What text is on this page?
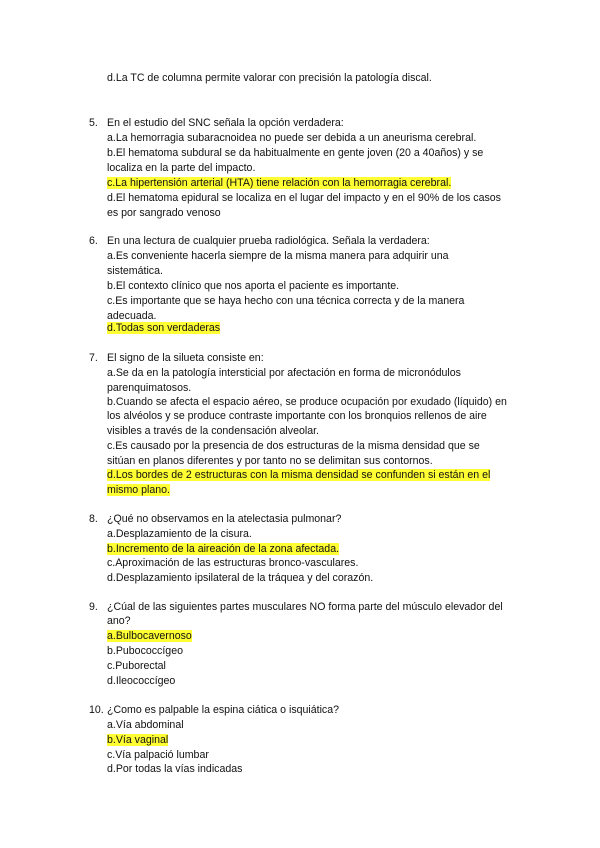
d.La TC de columna permite valorar con precisión la patología discal.
5. En el estudio del SNC señala la opción verdadera:
a.La hemorragia subaracnoidea no puede ser debida a un aneurisma cerebral.
b.El hematoma subdural se da habitualmente en gente joven (20 a 40años) y se
localiza en la parte del impacto.
c.La hipertensión arterial (HTA) tiene relación con la hemorragia cerebral.
d.El hematoma epidural se localiza en el lugar del impacto y en el 90% de los casos
es por sangrado venoso
6. En una lectura de cualquier prueba radiológica. Señala la verdadera:
a.Es conveniente hacerla siempre de la misma manera para adquirir una
sistemática.
b.El contexto clínico que nos aporta el paciente es importante.
c.Es importante que se haya hecho con una técnica correcta y de la manera
adecuada.
d.Todas son verdaderas
7. El signo de la silueta consiste en:
a.Se da en la patología intersticial por afectación en forma de micronódulos
parenquimatosos.
b.Cuando se afecta el espacio aéreo, se produce ocupación por exudado (líquido) en
los alvéolos y se produce contraste importante con los bronquios rellenos de aire
visibles a través de la condensación alveolar.
c.Es causado por la presencia de dos estructuras de la misma densidad que se
sitúan en planos diferentes y por tanto no se delimitan sus contornos.
d.Los bordes de 2 estructuras con la misma densidad se confunden si están en el
mismo plano.
8. ¿Qué no observamos en la atelectasia pulmonar?
a.Desplazamiento de la cisura.
b.Incremento de la aireación de la zona afectada.
c.Aproximación de las estructuras bronco-vasculares.
d.Desplazamiento ipsilateral de la tráquea y del corazón.
9. ¿Cúal de las siguientes partes musculares NO forma parte del músculo elevador del
ano?
a.Bulbocavernoso
b.Pubococcígeo
c.Puborectal
d.Ileococcígeo
10. ¿Como es palpable la espina ciática o isquiática?
a.Vía abdominal
b.Vía vaginal
c.Vía palpació lumbar
d.Por todas la vías indicadas
